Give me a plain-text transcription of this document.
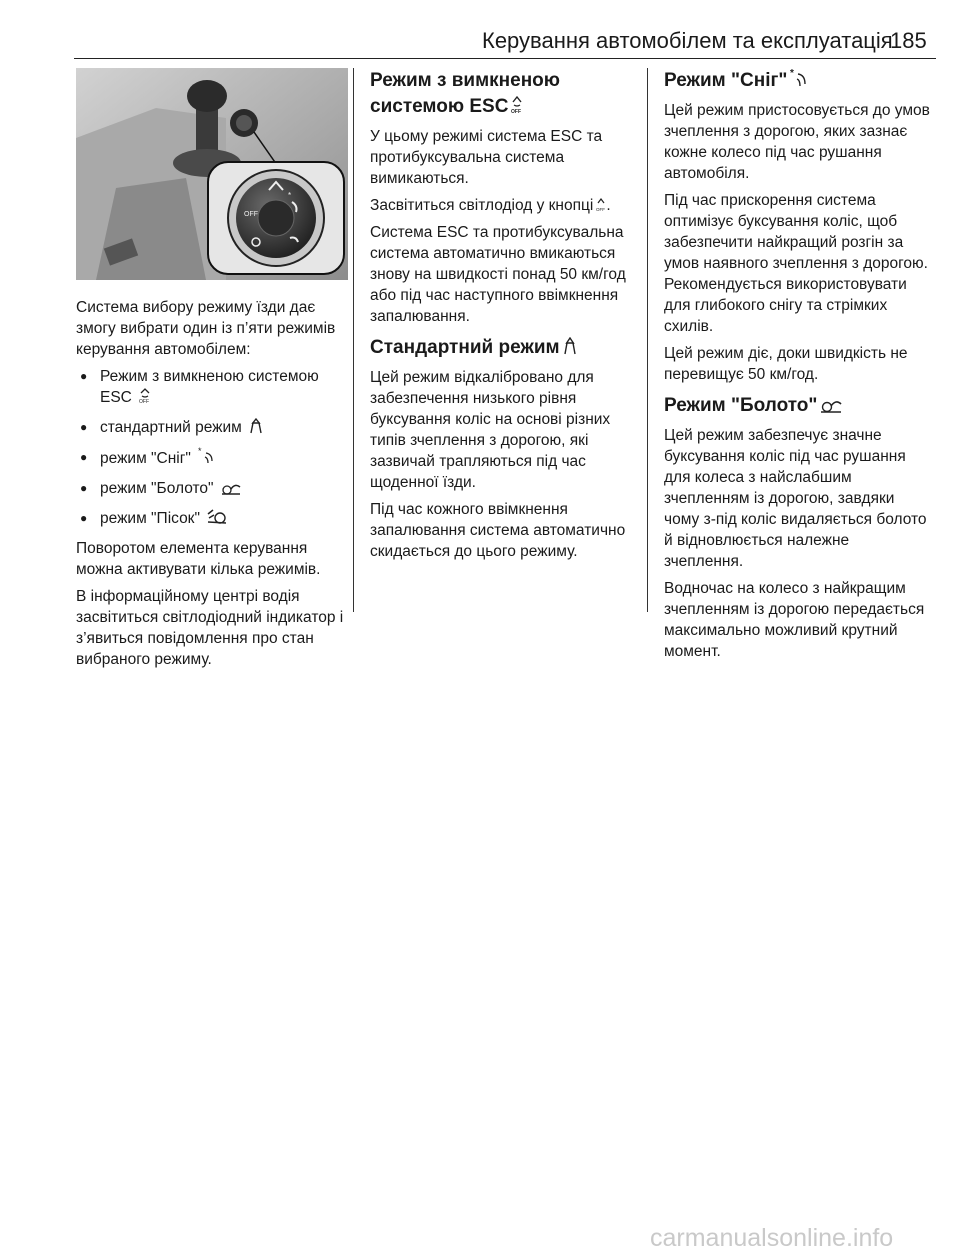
Керування автомобілем та експлуатація
185
OFF
*

Система вибору режиму їзди дає змогу вибрати один із п’яти режимів керування автомобілем:

● Режим з вимкненою системою ESC OFF
● стандартний режим
● режим "Сніг" *
● режим "Болото"
● режим "Пісок"

Поворотом елемента керування можна активувати кілька режимів.

В інформаційному центрі водія засвітиться світлодіодний індикатор і з’явиться повідомлення про стан вибраного режиму.

Режим з вимкненою системою ESC OFF

У цьому режимі система ESC та протибуксувальна система вимикаються.

Засвітиться світлодіод у кнопці OFF .

Система ESC та протибуксувальна система автоматично вмикаються знову на швидкості понад 50 км/год або під час наступного ввімкнення запалювання.

Стандартний режим

Цей режим відкалібровано для забезпечення низького рівня буксування коліс на основі різних типів зчеплення з дорогою, які зазвичай трапляються під час щоденної їзди.

Під час кожного ввімкнення запалювання система автоматично скидається до цього режиму.

Режим "Сніг" *

Цей режим пристосовується до умов зчеплення з дорогою, яких зазнає кожне колесо під час рушання автомобіля.

Під час прискорення система оптимізує буксування коліс, щоб забезпечити найкращий розгін за умов наявного зчеплення з дорогою. Рекомендується використовувати для глибокого снігу та стрімких схилів.

Цей режим діє, доки швидкість не перевищує 50 км/год.

Режим "Болото"

Цей режим забезпечує значне буксування коліс під час рушання для колеса з найслабшим зчепленням із дорогою, завдяки чому з-під коліс видаляється болото й відновлюється належне зчеплення.

Водночас на колесо з найкращим зчепленням із дорогою передається максимально можливий крутний момент.

carmanualsonline.info
